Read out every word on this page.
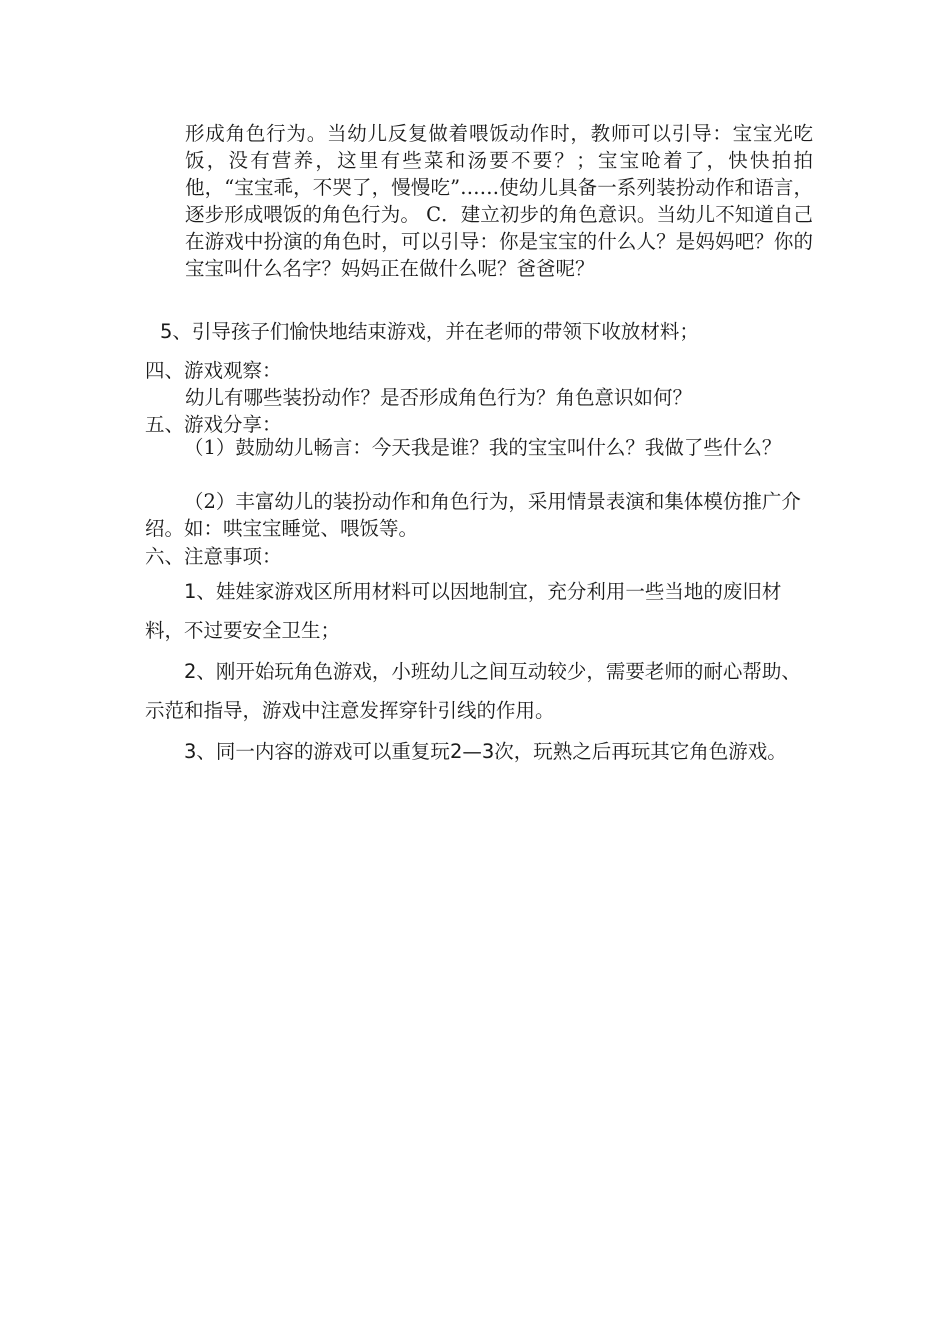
形成角色行为。当幼儿反复做着喂饭动作时，教师可以引导：宝宝光吃饭，没有营养，这里有些菜和汤要不要？；宝宝呛着了，快快拍拍他，“宝宝乖，不哭了，慢慢吃”……使幼儿具备一系列装扮动作和语言，逐步形成喂饭的角色行为。 C．建立初步的角色意识。当幼儿不知道自己在游戏中扮演的角色时，可以引导：你是宝宝的什么人？是妈妈吧？你的宝宝叫什么名字？妈妈正在做什么呢？爸爸呢？

5、引导孩子们愉快地结束游戏，并在老师的带领下收放材料；
四、游戏观察：
幼儿有哪些装扮动作？是否形成角色行为？角色意识如何？
五、游戏分享：
（1）鼓励幼儿畅言：今天我是谁？我的宝宝叫什么？我做了些什么？
（2）丰富幼儿的装扮动作和角色行为，采用情景表演和集体模仿推广介绍。如：哄宝宝睡觉、喂饭等。
六、注意事项：
1、娃娃家游戏区所用材料可以因地制宜，充分利用一些当地的废旧材料，不过要安全卫生；
2、刚开始玩角色游戏，小班幼儿之间互动较少，需要老师的耐心帮助、示范和指导，游戏中注意发挥穿针引线的作用。
3、同一内容的游戏可以重复玩2—3次，玩熟之后再玩其它角色游戏。
